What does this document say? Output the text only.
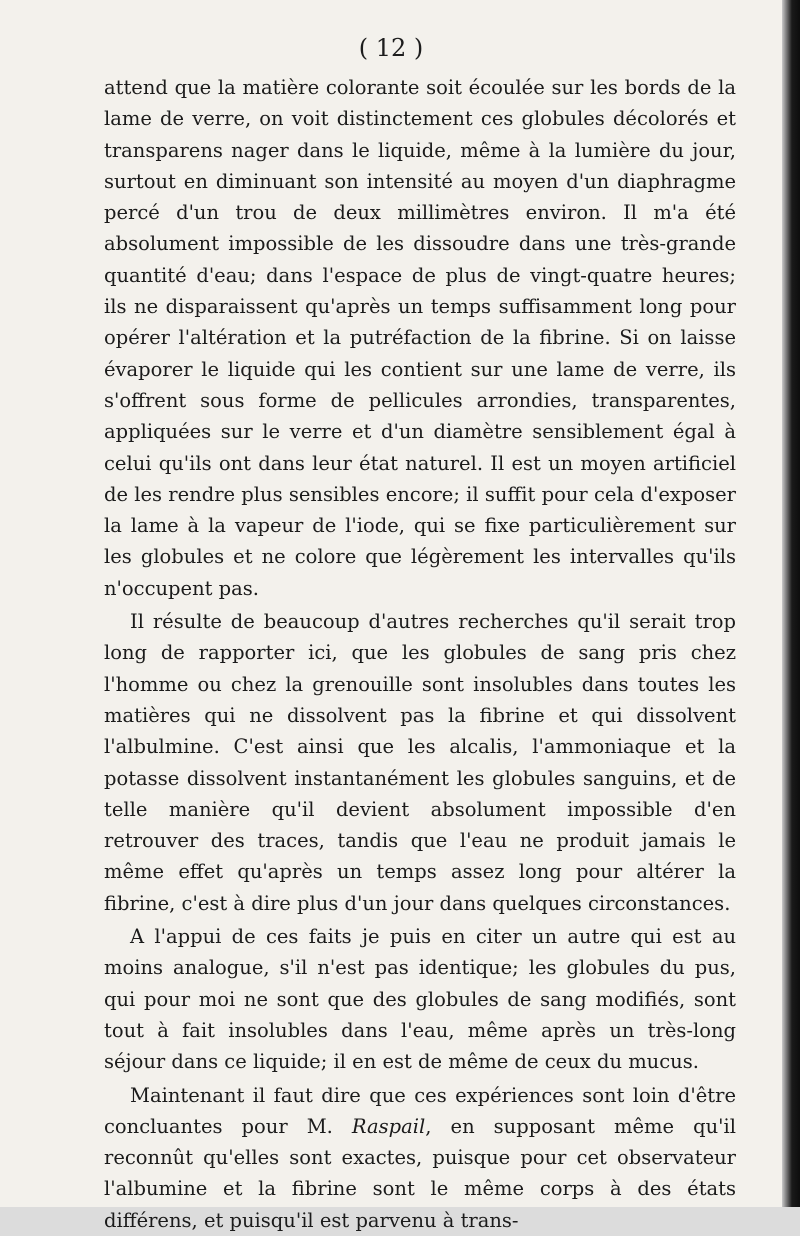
( 12 )

attend que la matière colorante soit écoulée sur les bords de la lame de verre, on voit distinctement ces globules décolorés et transparens nager dans le liquide, même à la lumière du jour, surtout en diminuant son intensité au moyen d'un diaphragme percé d'un trou de deux millimètres environ. Il m'a été absolument impossible de les dissoudre dans une très-grande quantité d'eau; dans l'espace de plus de vingt-quatre heures; ils ne disparaissent qu'après un temps suffisamment long pour opérer l'altération et la putréfaction de la fibrine. Si on laisse évaporer le liquide qui les contient sur une lame de verre, ils s'offrent sous forme de pellicules arrondies, transparentes, appliquées sur le verre et d'un diamètre sensiblement égal à celui qu'ils ont dans leur état naturel. Il est un moyen artificiel de les rendre plus sensibles encore; il suffit pour cela d'exposer la lame à la vapeur de l'iode, qui se fixe particulièrement sur les globules et ne colore que légèrement les intervalles qu'ils n'occupent pas.

Il résulte de beaucoup d'autres recherches qu'il serait trop long de rapporter ici, que les globules de sang pris chez l'homme ou chez la grenouille sont insolubles dans toutes les matières qui ne dissolvent pas la fibrine et qui dissolvent l'albulmine. C'est ainsi que les alcalis, l'ammoniaque et la potasse dissolvent instantanément les globules sanguins, et de telle manière qu'il devient absolument impossible d'en retrouver des traces, tandis que l'eau ne produit jamais le même effet qu'après un temps assez long pour altérer la fibrine, c'est à dire plus d'un jour dans quelques circonstances.

A l'appui de ces faits je puis en citer un autre qui est au moins analogue, s'il n'est pas identique; les globules du pus, qui pour moi ne sont que des globules de sang modifiés, sont tout à fait insolubles dans l'eau, même après un très-long séjour dans ce liquide; il en est de même de ceux du mucus.

Maintenant il faut dire que ces expériences sont loin d'être concluantes pour M. Raspail, en supposant même qu'il reconnût qu'elles sont exactes, puisque pour cet observateur l'albumine et la fibrine sont le même corps à des états différens, et puisqu'il est parvenu à trans-
